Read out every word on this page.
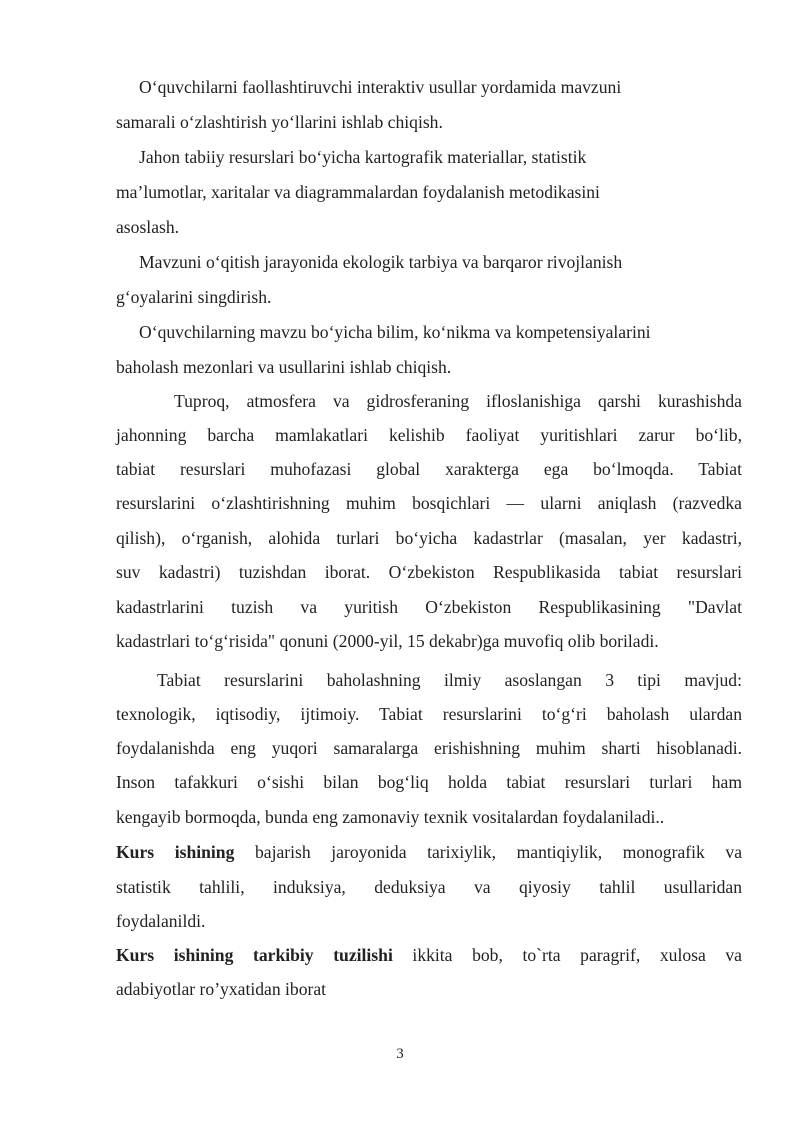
O‘quvchilarni faollashtiruvchi interaktiv usullar yordamida mavzuni
samarali o‘zlashtirish yo‘llarini ishlab chiqish.
Jahon tabiiy resurslari bo‘yicha kartografik materiallar, statistik
ma’lumotlar, xaritalar va diagrammalardan foydalanish metodikasini
asoslash.
Mavzuni o‘qitish jarayonida ekologik tarbiya va barqaror rivojlanish
g‘oyalarini singdirish.
O‘quvchilarning mavzu bo‘yicha bilim, ko‘nikma va kompetensiyalarini
baholash mezonlari va usullarini ishlab chiqish.
Tuproq, atmosfera va gidrosferaning ifloslanishiga qarshi kurashishda
jahonning barcha mamlakatlari kelishib faoliyat yuritishlari zarur bo‘lib,
tabiat resurslari muhofazasi global xarakterga ega bo‘lmoqda. Tabiat
resurslarini o‘zlashtirishning muhim bosqichlari — ularni aniqlash (razvedka
qilish), o‘rganish, alohida turlari bo‘yicha kadastrlar (masalan, yer kadastri,
suv kadastri) tuzishdan iborat. O‘zbekiston Respublikasida tabiat resurslari
kadastrlarini tuzish va yuritish O‘zbekiston Respublikasining "Davlat
kadastrlari to‘g‘risida" qonuni (2000-yil, 15 dekabr)ga muvofiq olib boriladi.
Tabiat resurslarini baholashning ilmiy asoslangan 3 tipi mavjud:
texnologik, iqtisodiy, ijtimoiy. Tabiat resurslarini to‘g‘ri baholash ulardan
foydalanishda eng yuqori samaralarga erishishning muhim sharti hisoblanadi.
Inson tafakkuri o‘sishi bilan bog‘liq holda tabiat resurslari turlari ham
kengayib bormoqda, bunda eng zamonaviy texnik vositalardan foydalaniladi..
Kurs ishining bajarish jaroyonida tarixiylik, mantiqiylik, monografik va
statistik tahlili, induksiya, deduksiya va qiyosiy tahlil usullaridan
foydalanildi.
Kurs ishining tarkibiy tuzilishi ikkita bob, to`rta paragrif, xulosa va
adabiyotlar ro’yxatidan iborat
3
